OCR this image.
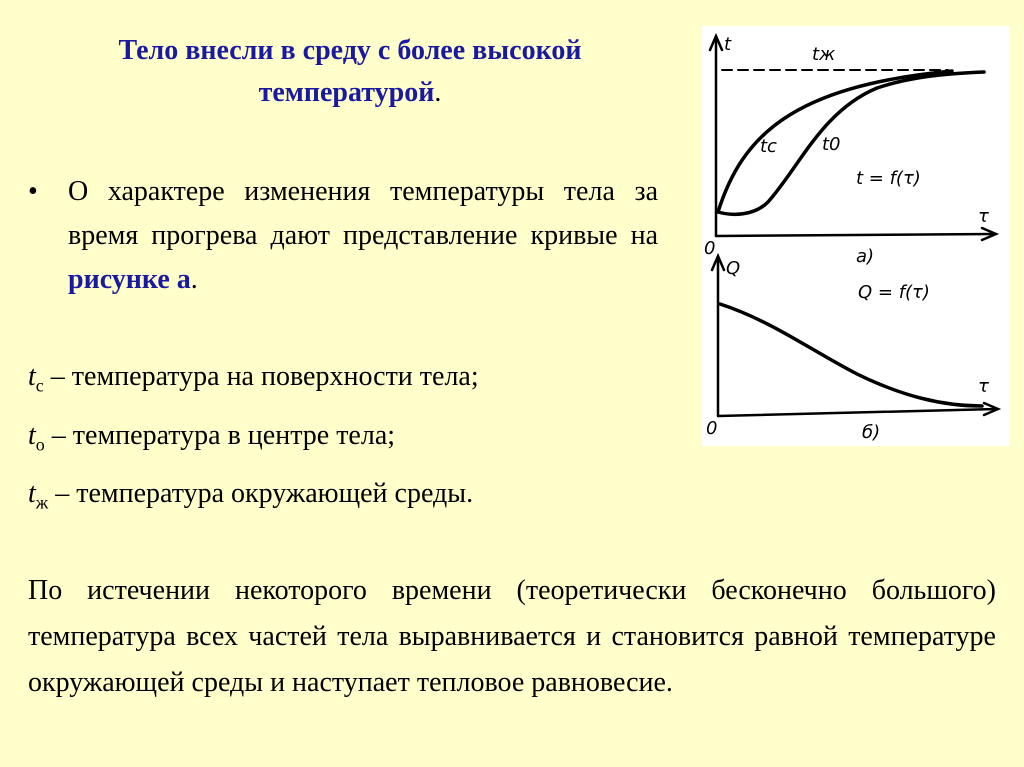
Тело внесли в среду с более высокой температурой.
• О характере изменения температуры тела за время прогрева дают представление кривые на рисунке а.
$t_с$ – температура на поверхности тела;
$t_о$ – температура в центре тела;
$t_ж$ – температура окружающей среды.
По истечении некоторого времени (теоретически бесконечно большого) температура всех частей тела выравнивается и становится равной температуре окружающей среды и наступает тепловое равновесие.
t	tж
tс	t0
t = f(τ)
τ
0	а)
Q
Q = f(τ)
τ
0	б)
